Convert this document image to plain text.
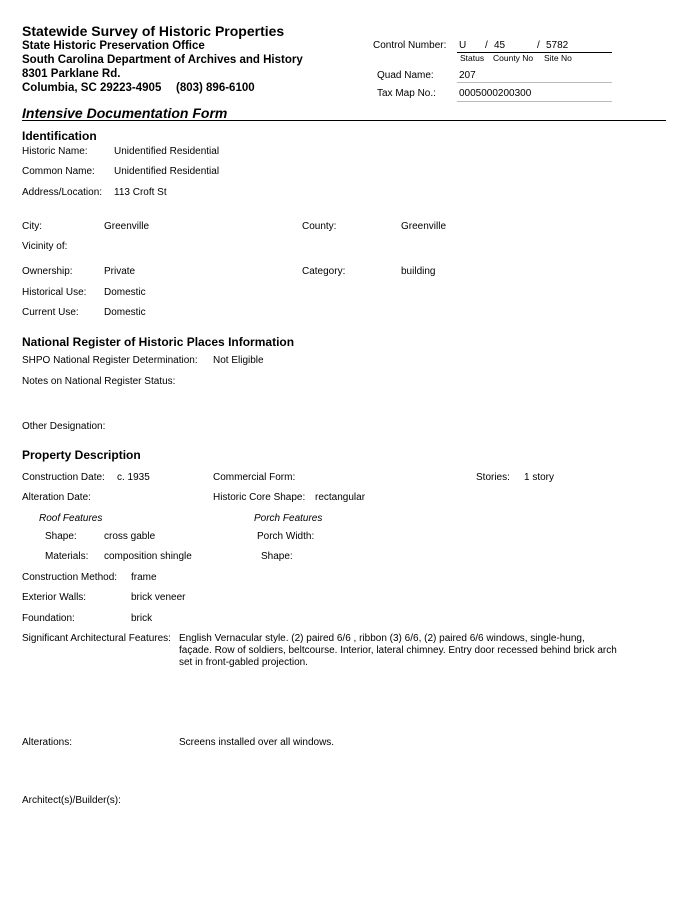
Statewide Survey of Historic Properties
State Historic Preservation Office
South Carolina Department of Archives and History
8301 Parklane Rd.
Columbia, SC 29223-4905 (803) 896-6100
Control Number: U / 45	/ 5782
Status County No Site No
Quad Name:	207
Tax Map No.: 0005000200300
Intensive Documentation Form
Identification
Historic Name:	Unidentified Residential
Common Name: Unidentified Residential
Address/Location: 113 Croft St
City:	Greenville	County:	Greenville
Vicinity of:
Ownership:	Private	Category:	building
Historical Use: Domestic
Current Use:	Domestic
National Register of Historic Places Information
SHPO National Register Determination: Not Eligible
Notes on National Register Status:
Other Designation:
Property Description
Construction Date: c. 1935	Commercial Form:	Stories: 1 story
Alteration Date:	Historic Core Shape: rectangular
Roof Features	Porch Features
Shape:	cross gable	Porch Width:
Materials: composition shingle	Shape:
Construction Method: frame
Exterior Walls:	brick veneer
Foundation:	brick
Significant Architectural Features: English Vernacular style. (2) paired 6/6 , ribbon (3) 6/6, (2) paired 6/6 windows, single-hung, façade. Row of soldiers, beltcourse. Interior, lateral chimney. Entry door recessed behind brick arch set in front-gabled projection.
Alterations:	Screens installed over all windows.
Architect(s)/Builder(s):
